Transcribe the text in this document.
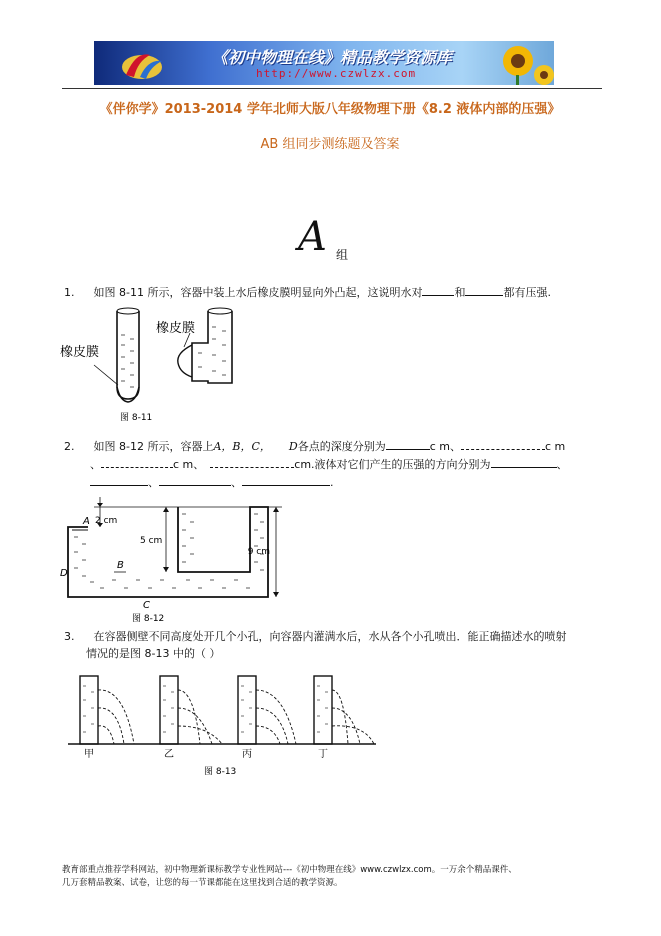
《初中物理在线》精品教学资源库
http://www.czwlzx.com
《伴你学》2013-2014 学年北师大版八年级物理下册《8.2 液体内部的压强》
AB 组同步测练题及答案
A 组
1. 如图 8-11 所示，容器中装上水后橡皮膜明显向外凸起，这说明水对	和	都有压强.
橡皮膜
橡皮膜
图 8-11
2. 如图 8-12 所示，容器上A，B，C， D各点的深度分别为	c m、	c m
、	c m、	cm.液体对它们产生的压强的方向分别为	、
、	、	.
2 cm
5 cm
9 cm
A
B
C
D
图 8-12
3. 在容器侧壁不同高度处开几个小孔，向容器内灌满水后，水从各个小孔喷出．能正确描述水的喷射
情况的是图 8-13 中的（ ）
甲	乙	丙	丁
图 8-13
教育部重点推荐学科网站，初中物理新课标教学专业性网站---《初中物理在线》www.czwlzx.com。一万余个精品课件、
几万套精品教案、试卷，让您的每一节课都能在这里找到合适的教学资源。
